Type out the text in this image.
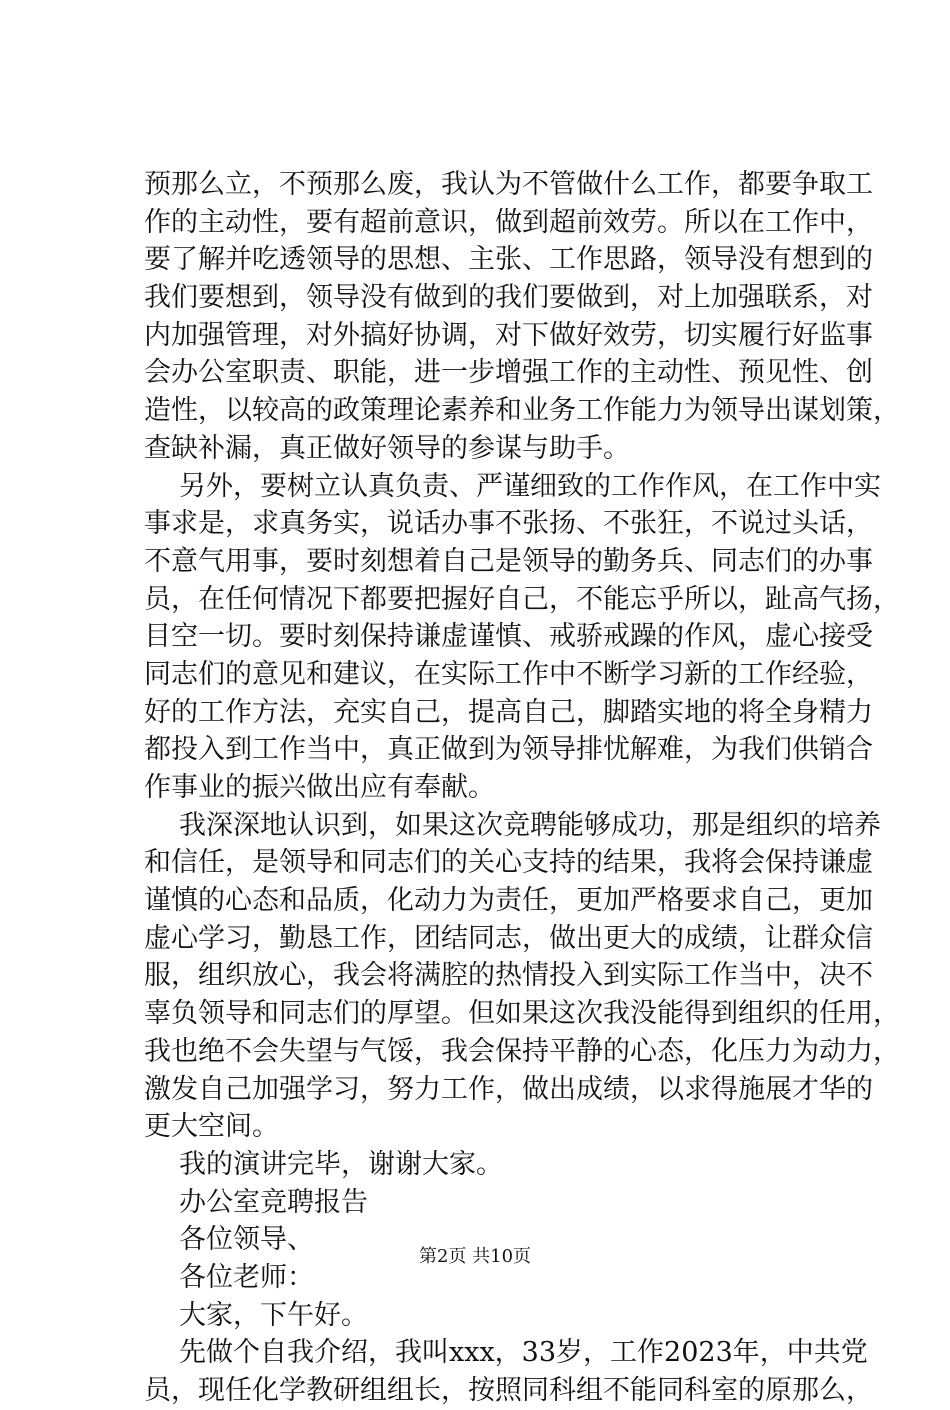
预那么立，不预那么废，我认为不管做什么工作，都要争取工
作的主动性，要有超前意识，做到超前效劳。所以在工作中，
要了解并吃透领导的思想、主张、工作思路，领导没有想到的
我们要想到，领导没有做到的我们要做到，对上加强联系，对
内加强管理，对外搞好协调，对下做好效劳，切实履行好监事
会办公室职责、职能，进一步增强工作的主动性、预见性、创
造性，以较高的政策理论素养和业务工作能力为领导出谋划策，
查缺补漏，真正做好领导的参谋与助手。
另外，要树立认真负责、严谨细致的工作作风，在工作中实
事求是，求真务实，说话办事不张扬、不张狂，不说过头话，
不意气用事，要时刻想着自己是领导的勤务兵、同志们的办事
员，在任何情况下都要把握好自己，不能忘乎所以，趾高气扬，
目空一切。要时刻保持谦虚谨慎、戒骄戒躁的作风，虚心接受
同志们的意见和建议，在实际工作中不断学习新的工作经验，
好的工作方法，充实自己，提高自己，脚踏实地的将全身精力
都投入到工作当中，真正做到为领导排忧解难，为我们供销合
作事业的振兴做出应有奉献。
我深深地认识到，如果这次竞聘能够成功，那是组织的培养
和信任，是领导和同志们的关心支持的结果，我将会保持谦虚
谨慎的心态和品质，化动力为责任，更加严格要求自己，更加
虚心学习，勤恳工作，团结同志，做出更大的成绩，让群众信
服，组织放心，我会将满腔的热情投入到实际工作当中，决不
辜负领导和同志们的厚望。但如果这次我没能得到组织的任用，
我也绝不会失望与气馁，我会保持平静的心态，化压力为动力，
激发自己加强学习，努力工作，做出成绩，以求得施展才华的
更大空间。
我的演讲完毕，谢谢大家。
办公室竞聘报告
各位领导、
各位老师：
大家，下午好。
先做个自我介绍，我叫xxx，33岁，工作2023年，中共党
员，现任化学教研组组长，按照同科组不能同科室的原那么，
第2页 共10页
